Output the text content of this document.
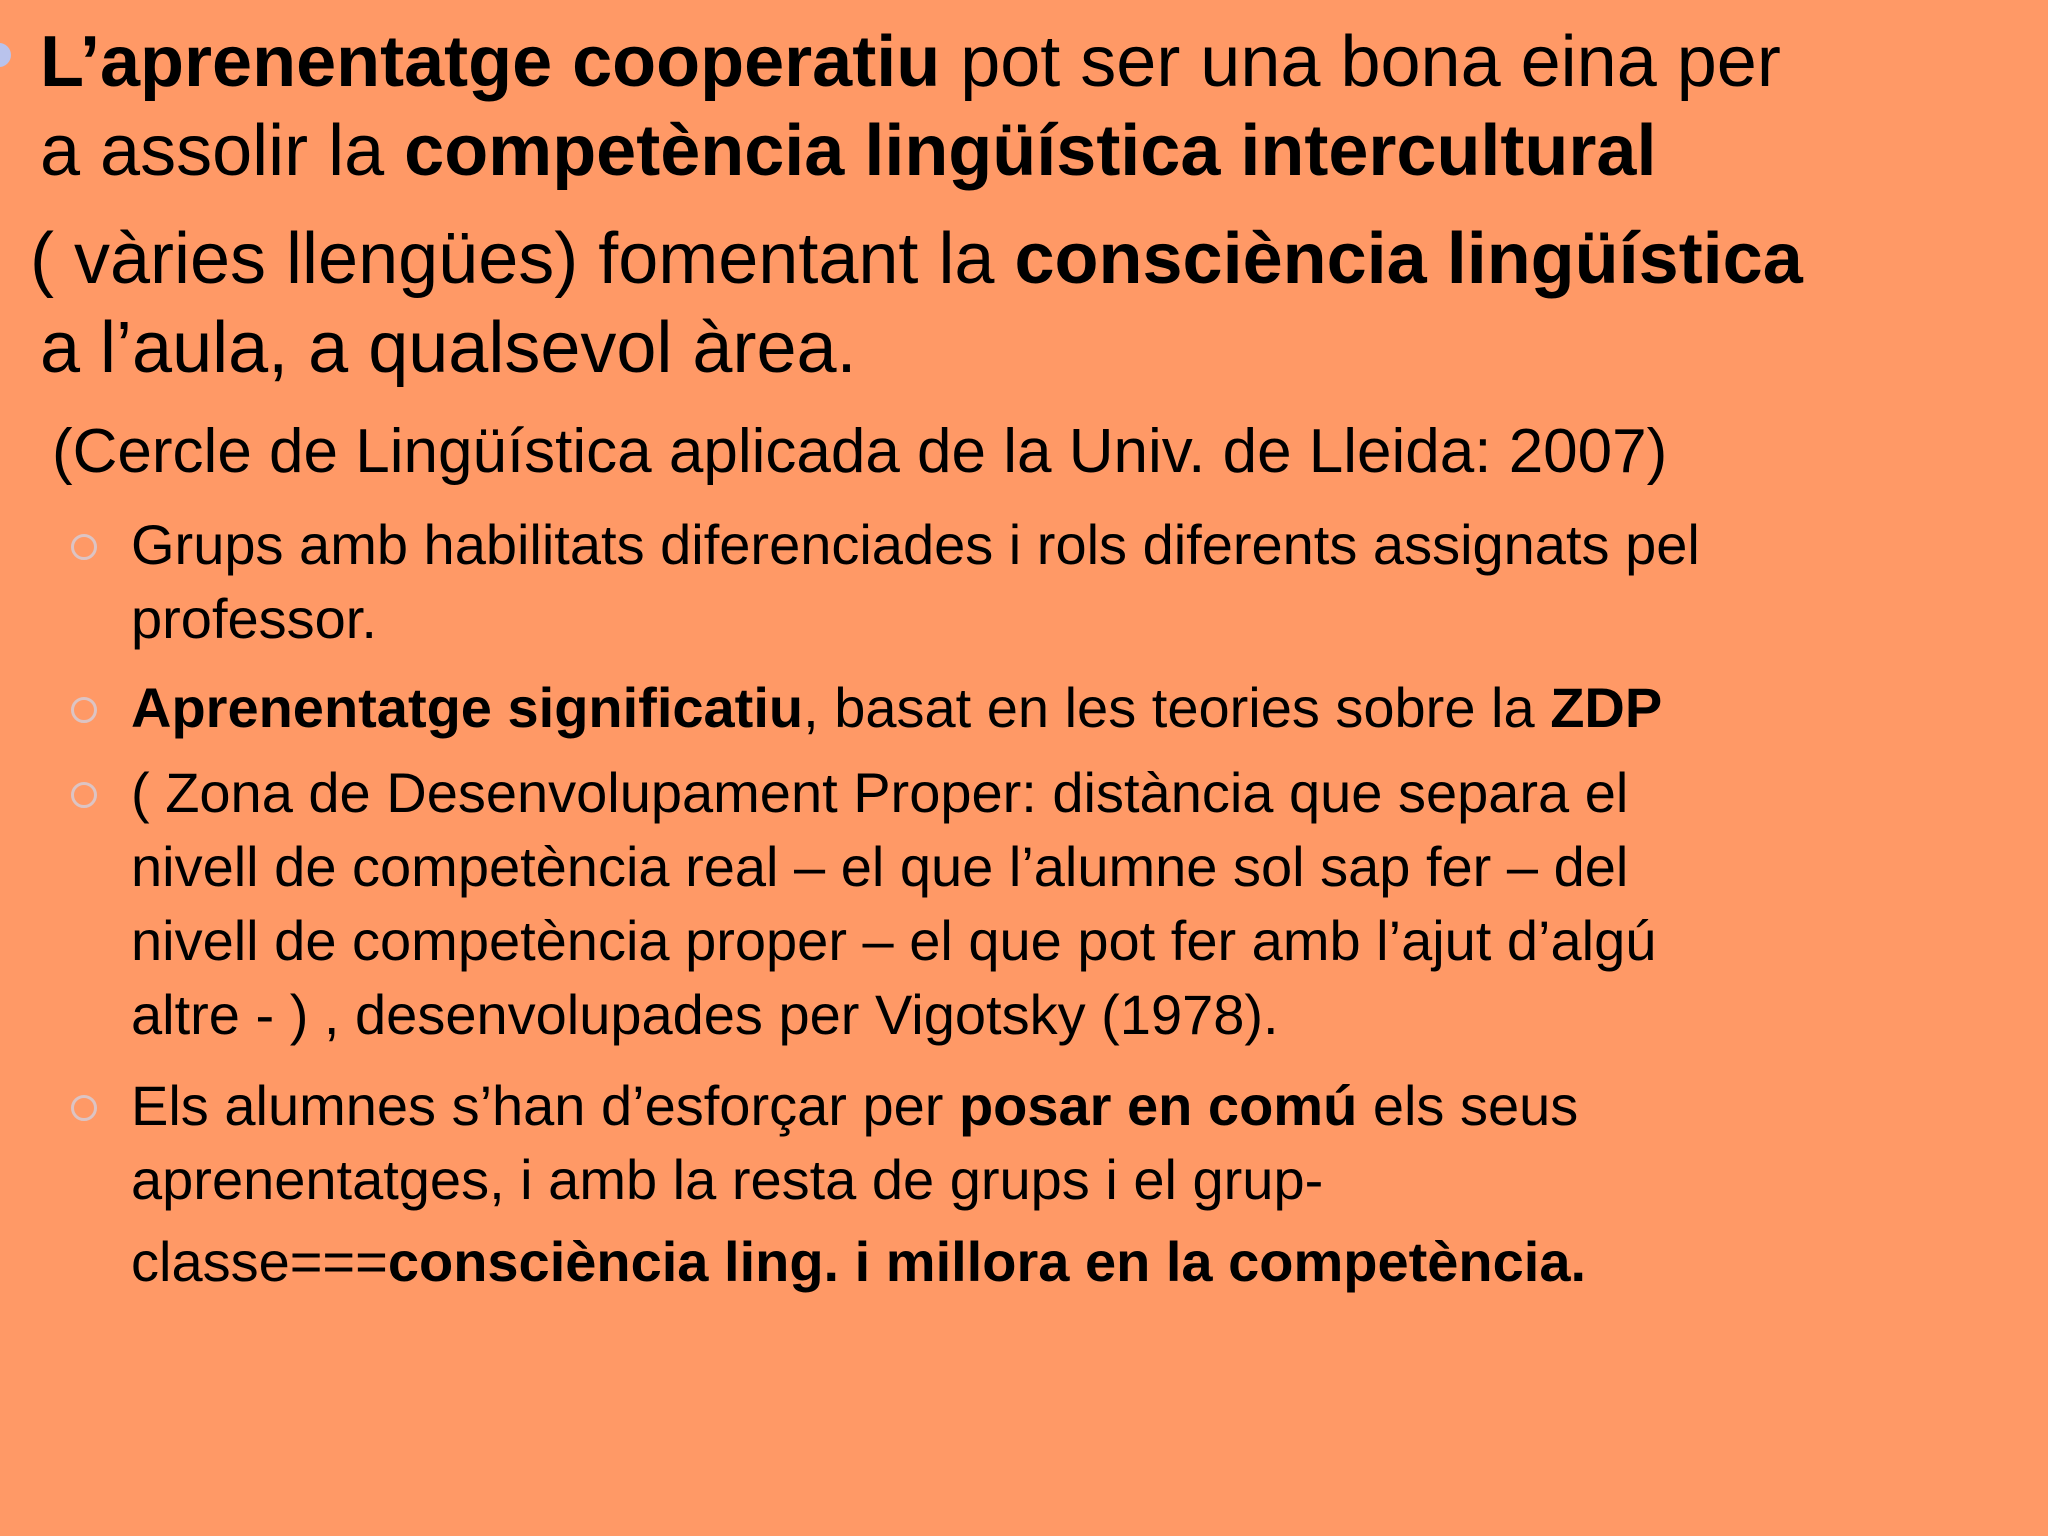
L’aprenentatge cooperatiu pot ser una bona eina per
a assolir la competència lingüística intercultural
( vàries llengües) fomentant la consciència lingüística
a l’aula, a qualsevol àrea.
(Cercle de Lingüística aplicada de la Univ. de Lleida: 2007)
Grups amb habilitats diferenciades i rols diferents assignats pel
professor.
Aprenentatge significatiu, basat en les teories sobre la ZDP
( Zona de Desenvolupament Proper: distància que separa el
nivell de competència real – el que l’alumne sol sap fer – del
nivell de competència proper – el que pot fer amb l’ajut d’algú
altre - ) , desenvolupades per Vigotsky (1978).
Els alumnes s’han d’esforçar per posar en comú els seus
aprenentatges, i amb la resta de grups i el grup-
classe===consciència ling. i millora en la competència.
